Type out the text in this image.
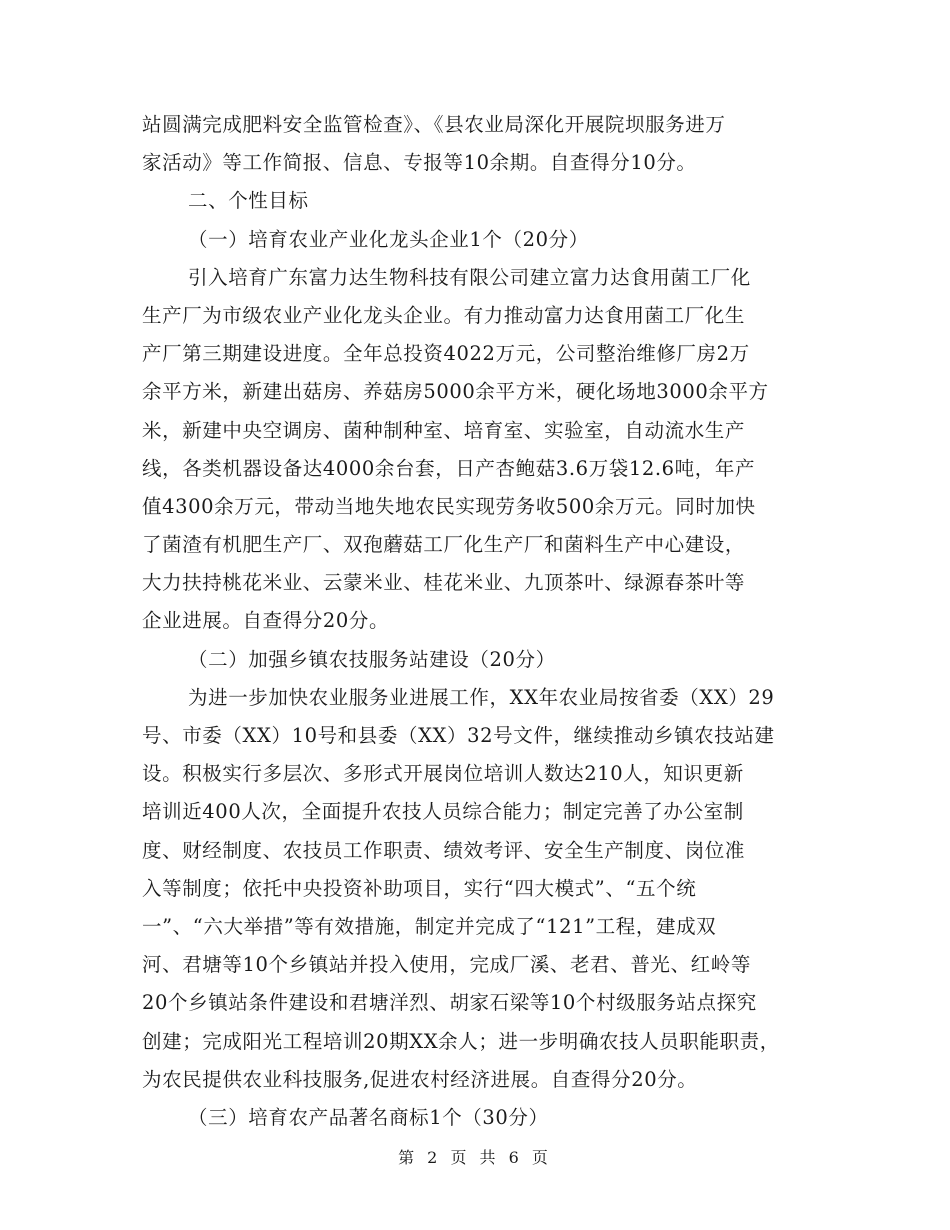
站圆满完成肥料安全监管检查》、《县农业局深化开展院坝服务进万
家活动》等工作简报、信息、专报等10余期。自查得分10分。
二、个性目标
（一）培育农业产业化龙头企业1个（20分）
引入培育广东富力达生物科技有限公司建立富力达食用菌工厂化
生产厂为市级农业产业化龙头企业。有力推动富力达食用菌工厂化生
产厂第三期建设进度。全年总投资4022万元，公司整治维修厂房2万
余平方米，新建出菇房、养菇房5000余平方米，硬化场地3000余平方
米，新建中央空调房、菌种制种室、培育室、实验室，自动流水生产
线，各类机器设备达4000余台套，日产杏鲍菇3.6万袋12.6吨，年产
值4300余万元，带动当地失地农民实现劳务收500余万元。同时加快
了菌渣有机肥生产厂、双孢蘑菇工厂化生产厂和菌料生产中心建设，
大力扶持桃花米业、云蒙米业、桂花米业、九顶茶叶、绿源春茶叶等
企业进展。自查得分20分。
（二）加强乡镇农技服务站建设（20分）
为进一步加快农业服务业进展工作，XX年农业局按省委（XX）29
号、市委（XX）10号和县委（XX）32号文件，继续推动乡镇农技站建
设。积极实行多层次、多形式开展岗位培训人数达210人，知识更新
培训近400人次，全面提升农技人员综合能力；制定完善了办公室制
度、财经制度、农技员工作职责、绩效考评、安全生产制度、岗位准
入等制度；依托中央投资补助项目，实行“四大模式”、“五个统
一”、“六大举措”等有效措施，制定并完成了“121”工程，建成双
河、君塘等10个乡镇站并投入使用，完成厂溪、老君、普光、红岭等
20个乡镇站条件建设和君塘洋烈、胡家石梁等10个村级服务站点探究
创建；完成阳光工程培训20期XX余人；进一步明确农技人员职能职责，
为农民提供农业科技服务,促进农村经济进展。自查得分20分。
（三）培育农产品著名商标1个（30分）
第 2 页 共 6 页
